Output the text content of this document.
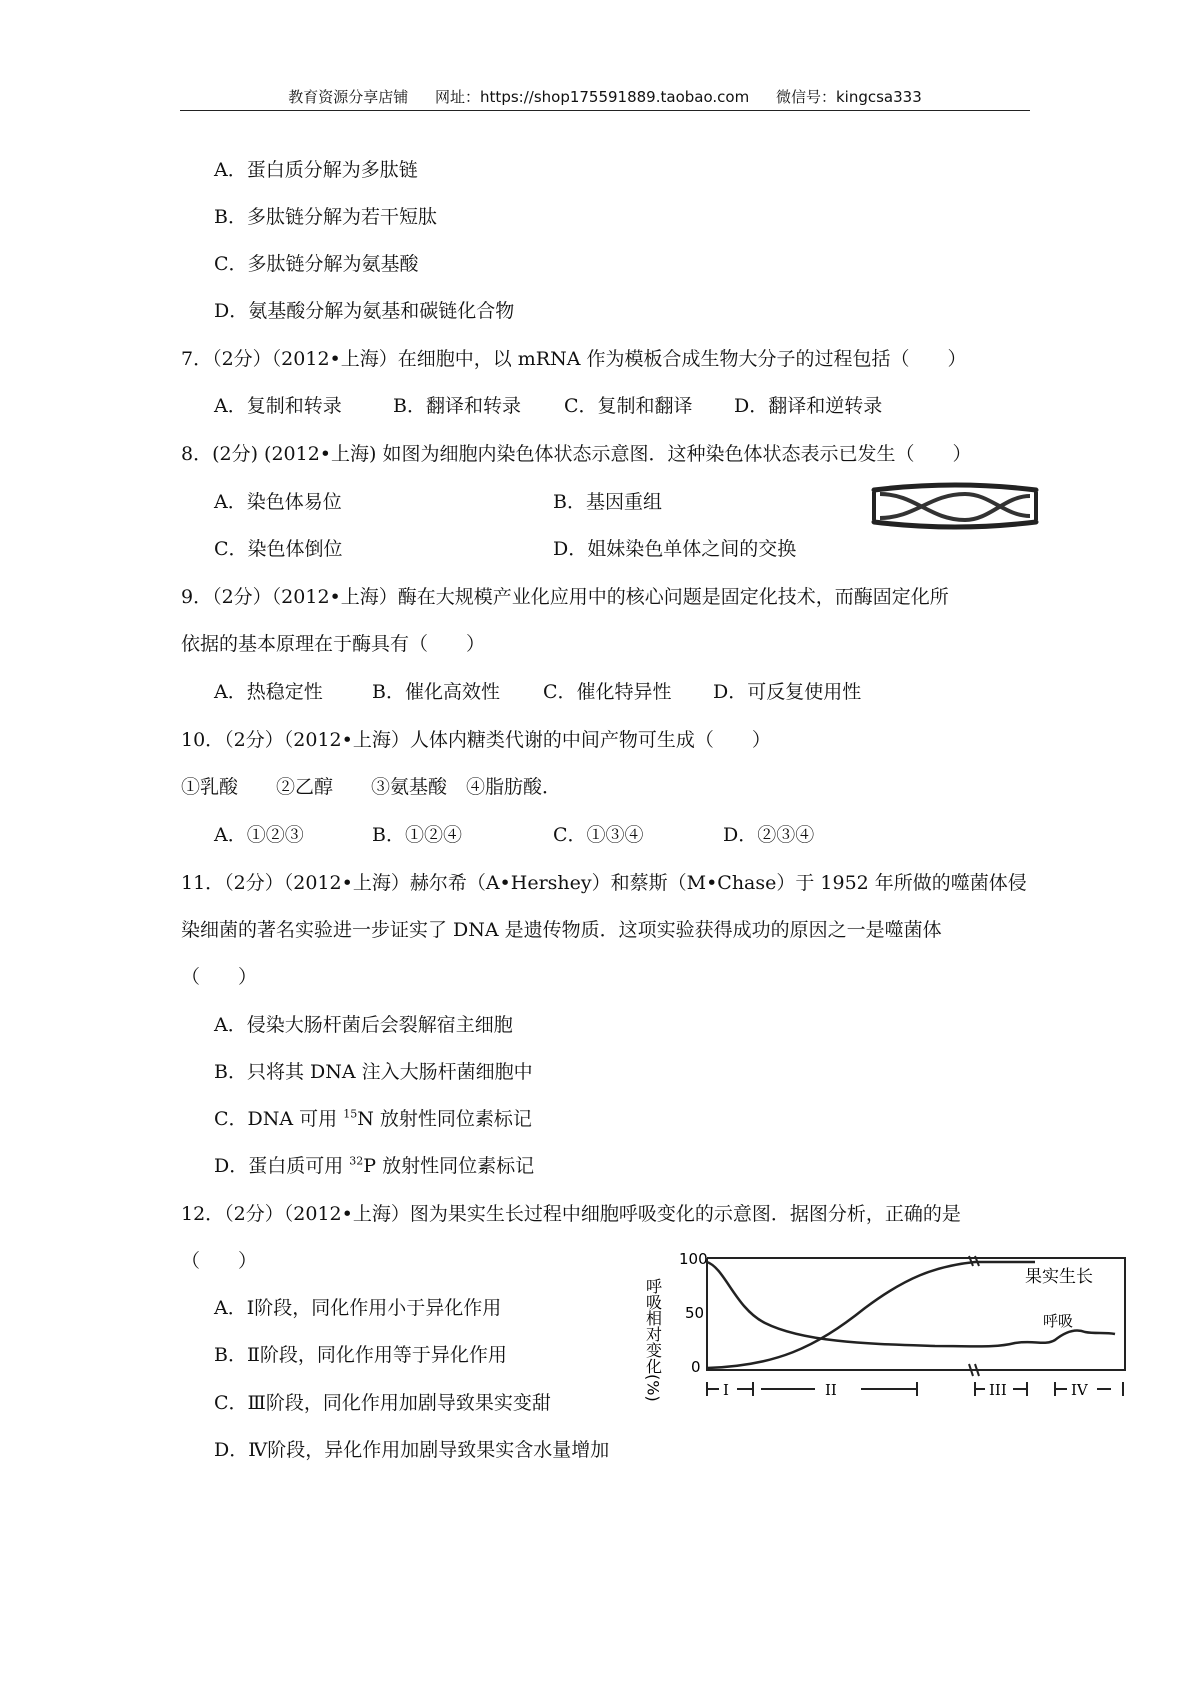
教育资源分享店铺 网址：https://shop175591889.taobao.com 微信号：kingcsa333
A．蛋白质分解为多肽链
B．多肽链分解为若干短肽
C．多肽链分解为氨基酸
D．氨基酸分解为氨基和碳链化合物
7．（2分）（2012•上海）在细胞中，以 mRNA 作为模板合成生物大分子的过程包括（　　）
A．复制和转录	B．翻译和转录 C．复制和翻译 D．翻译和逆转录
8．(2分) (2012•上海) 如图为细胞内染色体状态示意图．这种染色体状态表示已发生（　　）
A．染色体易位	B．基因重组
C．染色体倒位	D．姐妹染色单体之间的交换
9．（2分）（2012•上海）酶在大规模产业化应用中的核心问题是固定化技术，而酶固定化所
依据的基本原理在于酶具有（　　）
A．热稳定性	B．催化高效性 C．催化特异性 D．可反复使用性
10．（2分）（2012•上海）人体内糖类代谢的中间产物可生成（　　）
①乳酸　　②乙醇　　③氨基酸　④脂肪酸．
A．①②③	B．①②④	C．①③④	D．②③④
11．（2分）（2012•上海）赫尔希（A•Hershey）和蔡斯（M•Chase）于 1952 年所做的噬菌体侵
染细菌的著名实验进一步证实了 DNA 是遗传物质．这项实验获得成功的原因之一是噬菌体
（　　）
A．侵染大肠杆菌后会裂解宿主细胞
B．只将其 DNA 注入大肠杆菌细胞中
C．DNA 可用 $^{15}$N 放射性同位素标记
D．蛋白质可用 $^{32}$P 放射性同位素标记
12．（2分）（2012•上海）图为果实生长过程中细胞呼吸变化的示意图．据图分析，正确的是
（　　）
A．Ⅰ阶段，同化作用小于异化作用
B．Ⅱ阶段，同化作用等于异化作用
C．Ⅲ阶段，同化作用加剧导致果实变甜
D．Ⅳ阶段，异化作用加剧导致果实含水量增加
呼吸相对变化(%)
100
50
0
果实生长
呼吸
I	II	III	IV
